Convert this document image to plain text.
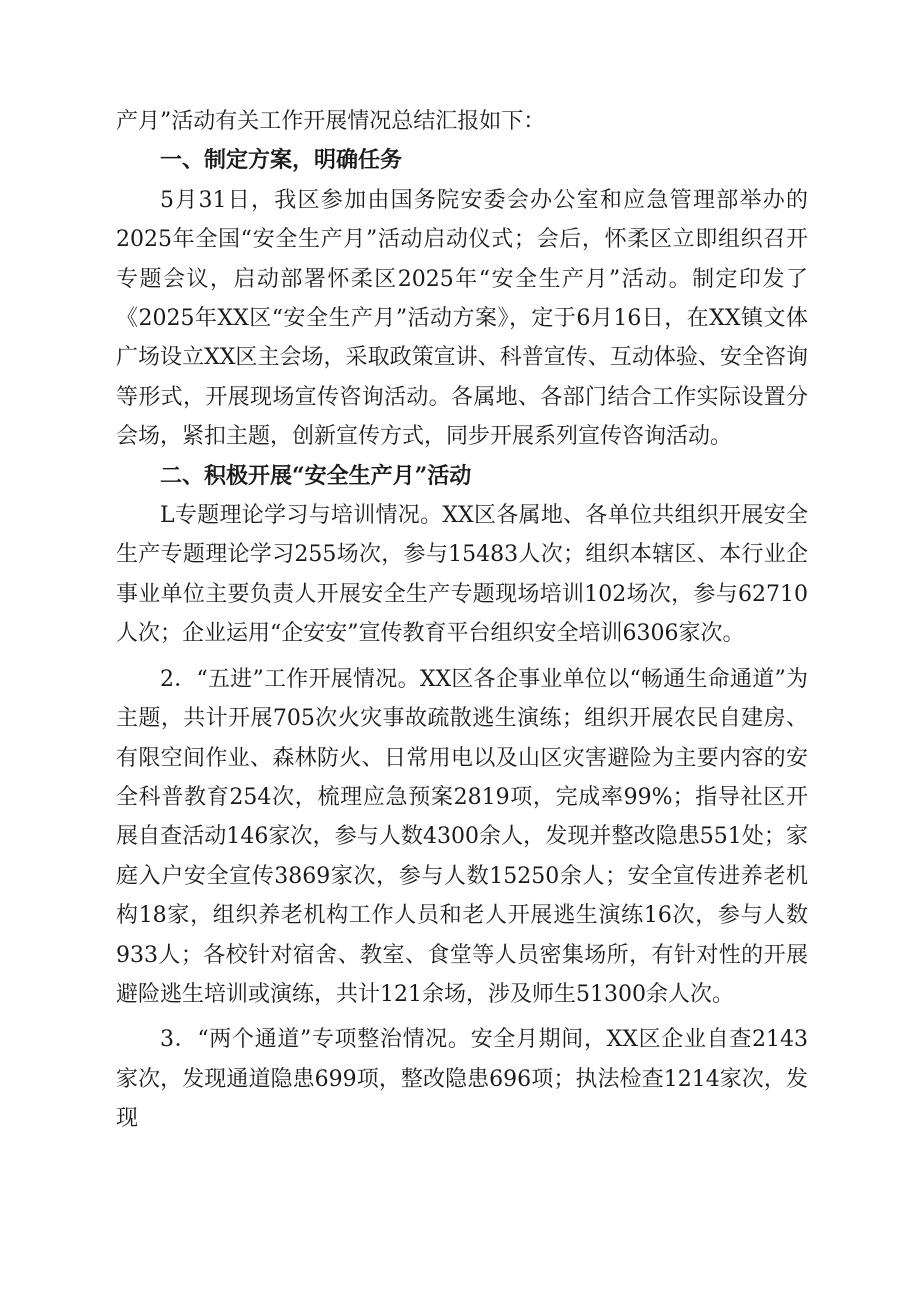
产月”活动有关工作开展情况总结汇报如下：

一、制定方案，明确任务

5月31日，我区参加由国务院安委会办公室和应急管理部举办的2025年全国“安全生产月”活动启动仪式；会后，怀柔区立即组织召开专题会议，启动部署怀柔区2025年“安全生产月”活动。制定印发了《2025年XX区“安全生产月”活动方案》，定于6月16日，在XX镇文体广场设立XX区主会场，采取政策宣讲、科普宣传、互动体验、安全咨询等形式，开展现场宣传咨询活动。各属地、各部门结合工作实际设置分会场，紧扣主题，创新宣传方式，同步开展系列宣传咨询活动。

二、积极开展“安全生产月”活动

L专题理论学习与培训情况。XX区各属地、各单位共组织开展安全生产专题理论学习255场次，参与15483人次；组织本辖区、本行业企事业单位主要负责人开展安全生产专题现场培训102场次，参与62710人次；企业运用“企安安”宣传教育平台组织安全培训6306家次。

2．“五进”工作开展情况。XX区各企事业单位以“畅通生命通道”为主题，共计开展705次火灾事故疏散逃生演练；组织开展农民自建房、有限空间作业、森林防火、日常用电以及山区灾害避险为主要内容的安全科普教育254次，梳理应急预案2819项，完成率99%；指导社区开展自查活动146家次，参与人数4300余人，发现并整改隐患551处；家庭入户安全宣传3869家次，参与人数15250余人；安全宣传进养老机构18家，组织养老机构工作人员和老人开展逃生演练16次，参与人数933人；各校针对宿舍、教室、食堂等人员密集场所，有针对性的开展避险逃生培训或演练，共计121余场，涉及师生51300余人次。

3．“两个通道”专项整治情况。安全月期间，XX区企业自查2143家次，发现通道隐患699项，整改隐患696项；执法检查1214家次，发现
